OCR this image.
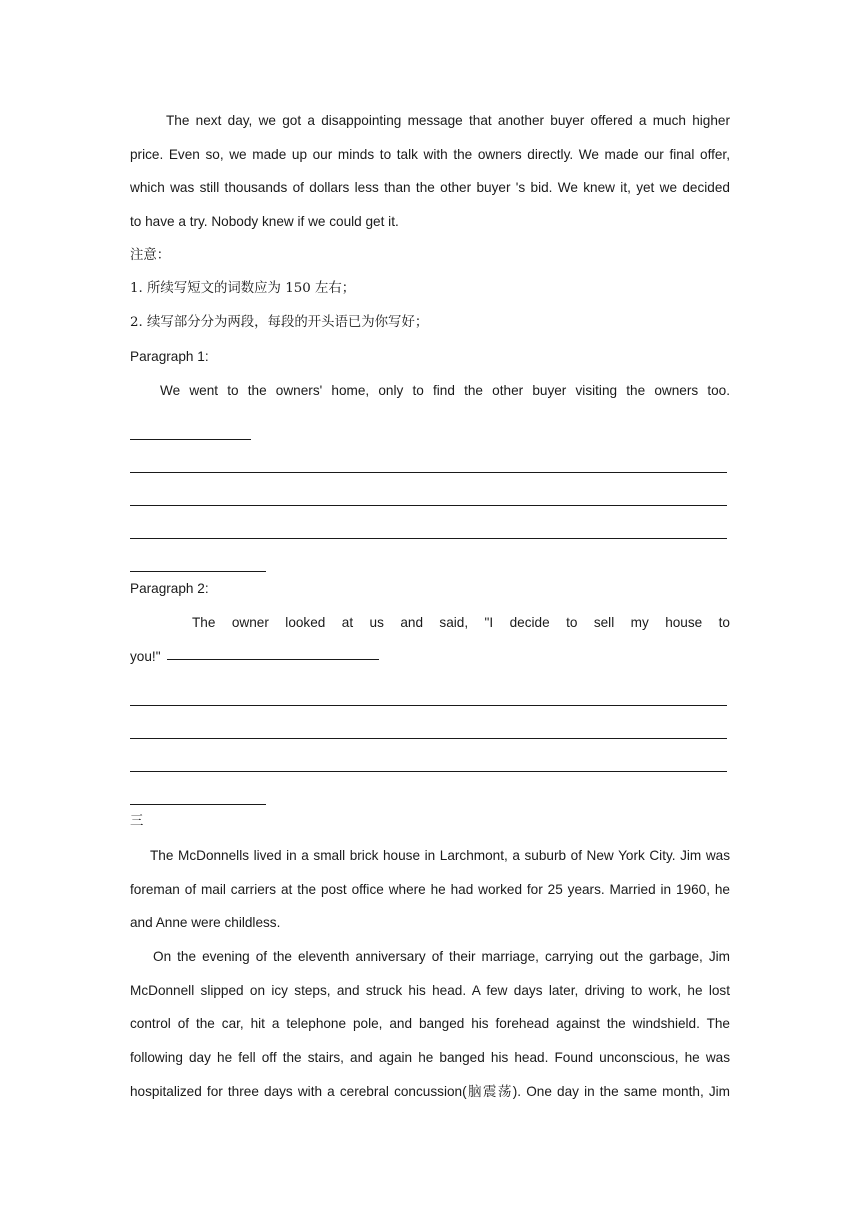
The next day, we got a disappointing message that another buyer offered a much higher
price. Even so, we made up our minds to talk with the owners directly. We made our final offer,
which was still thousands of dollars less than the other buyer 's bid. We knew it, yet we decided
to have a try. Nobody knew if we could get it.
注意：
1. 所续写短文的词数应为 150 左右；
2. 续写部分分为两段，每段的开头语已为你写好；
Paragraph 1:
We went to the owners' home, only to find the other buyer visiting the owners too.
Paragraph 2:
The owner looked at us and said, "I decide to sell my house to
you!"
三
The McDonnells lived in a small brick house in Larchmont, a suburb of New York City. Jim was
foreman of mail carriers at the post office where he had worked for 25 years. Married in 1960, he
and Anne were childless.
On the evening of the eleventh anniversary of their marriage, carrying out the garbage, Jim
McDonnell slipped on icy steps, and struck his head. A few days later, driving to work, he lost
control of the car, hit a telephone pole, and banged his forehead against the windshield. The
following day he fell off the stairs, and again he banged his head. Found unconscious, he was
hospitalized for three days with a cerebral concussion(脑震荡). One day in the same month, Jim
